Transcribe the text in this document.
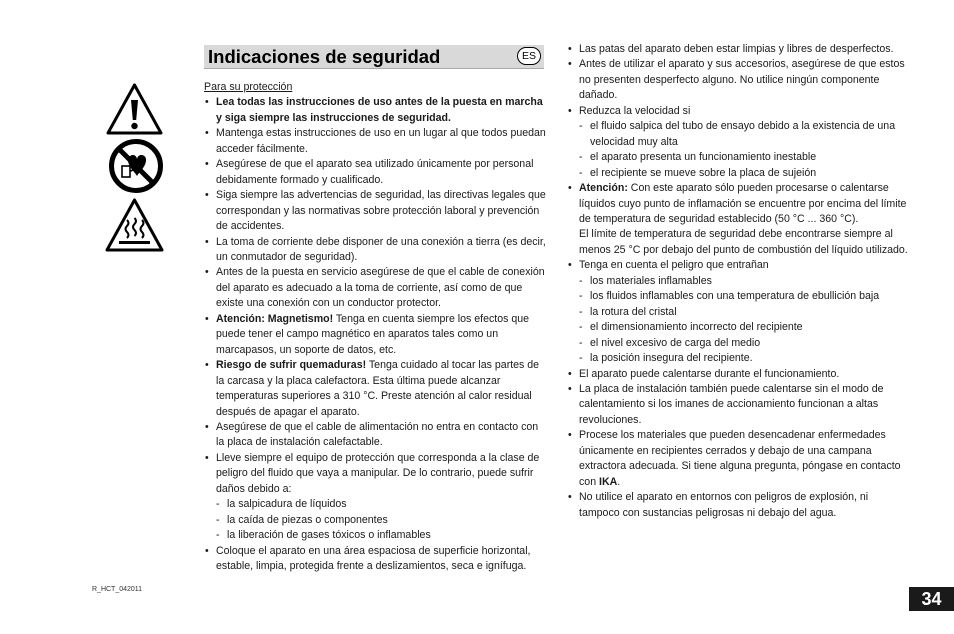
Indicaciones de seguridad	ES

Para su protección

• Lea todas las instrucciones de uso antes de la puesta en marcha y siga siempre las instrucciones de seguridad.
• Mantenga estas instrucciones de uso en un lugar al que todos puedan acceder fácilmente.
• Asegúrese de que el aparato sea utilizado únicamente por personal debidamente formado y cualificado.
• Siga siempre las advertencias de seguridad, las directivas legales que correspondan y las normativas sobre protección laboral y prevención de accidentes.
• La toma de corriente debe disponer de una conexión a tierra (es decir, un conmutador de seguridad).
• Antes de la puesta en servicio asegúrese de que el cable de conexión del aparato es adecuado a la toma de corriente, así como de que existe una conexión con un conductor protector.
• Atención: Magnetismo! Tenga en cuenta siempre los efectos que puede tener el campo magnético en aparatos tales como un marcapasos, un soporte de datos, etc.
• Riesgo de sufrir quemaduras! Tenga cuidado al tocar las partes de la carcasa y la placa calefactora. Esta última puede alcanzar temperaturas superiores a 310 °C. Preste atención al calor residual después de apagar el aparato.
• Asegúrese de que el cable de alimentación no entra en contacto con la placa de instalación calefactable.
• Lleve siempre el equipo de protección que corresponda a la clase de peligro del fluido que vaya a manipular. De lo contrario, puede sufrir daños debido a:
- la salpicadura de líquidos
- la caída de piezas o componentes
- la liberación de gases tóxicos o inflamables
• Coloque el aparato en una área espaciosa de superficie horizontal, estable, limpia, protegida frente a deslizamientos, seca e ignífuga.
• Las patas del aparato deben estar limpias y libres de desperfectos.
• Antes de utilizar el aparato y sus accesorios, asegúrese de que estos no presenten desperfecto alguno. No utilice ningún componente dañado.
• Reduzca la velocidad si
- el fluido salpica del tubo de ensayo debido a la existencia de una velocidad muy alta
- el aparato presenta un funcionamiento inestable
- el recipiente se mueve sobre la placa de sujeión
• Atención: Con este aparato sólo pueden procesarse o calentarse líquidos cuyo punto de inflamación se encuentre por encima del límite de temperatura de seguridad establecido (50 °C ... 360 °C).

El límite de temperatura de seguridad debe encontrarse siempre al menos 25 °C por debajo del punto de combustión del líquido utilizado.

• Tenga en cuenta el peligro que entrañan
- los materiales inflamables
- los fluidos inflamables con una temperatura de ebullición baja
- la rotura del cristal
- el dimensionamiento incorrecto del recipiente
- el nivel excesivo de carga del medio
- la posición insegura del recipiente.
• El aparato puede calentarse durante el funcionamiento.
• La placa de instalación también puede calentarse sin el modo de calentamiento si los imanes de accionamiento funcionan a altas revoluciones.
• Procese los materiales que pueden desencadenar enfermedades únicamente en recipientes cerrados y debajo de una campana extractora adecuada. Si tiene alguna pregunta, póngase en contacto con IKA.
• No utilice el aparato en entornos con peligros de explosión, ni tampoco con sustancias peligrosas ni debajo del agua.
R_HCT_042011	34
